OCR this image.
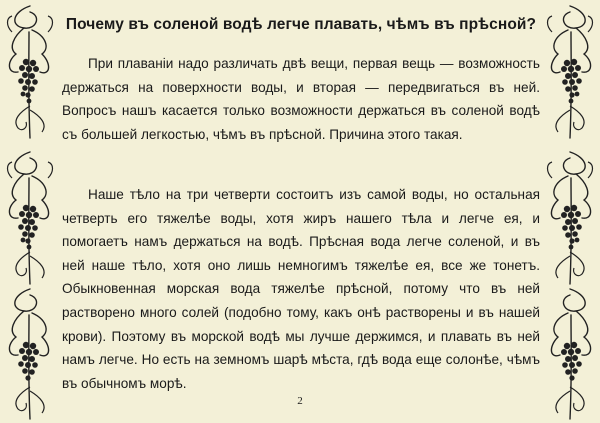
Почему въ соленой водѣ легче плавать, чѣмъ въ прѣсной?

При плаваніи надо различать двѣ вещи, первая вещь — возможность держаться на поверхности воды, и вторая — передвигаться въ ней. Вопросъ нашъ касается только возможности держаться въ соленой водѣ съ большей легкостью, чѣмъ въ прѣсной. Причина этого такая.

Наше тѣло на три четверти состоитъ изъ самой воды, но остальная четверть его тяжелѣе воды, хотя жиръ нашего тѣла и легче ея, и помогаетъ намъ держаться на водѣ. Прѣсная вода легче соленой, и въ ней наше тѣло, хотя оно лишь немногимъ тяжелѣе ея, все же тонетъ. Обыкновенная морская вода тяжелѣе прѣсной, потому что въ ней растворено много солей (подобно тому, какъ онѣ растворены и въ нашей крови). Поэтому въ морской водѣ мы лучше держимся, и плавать въ ней намъ легче. Но есть на земномъ шарѣ мѣста, гдѣ вода еще солонѣе, чѣмъ въ обычномъ морѣ.

2
